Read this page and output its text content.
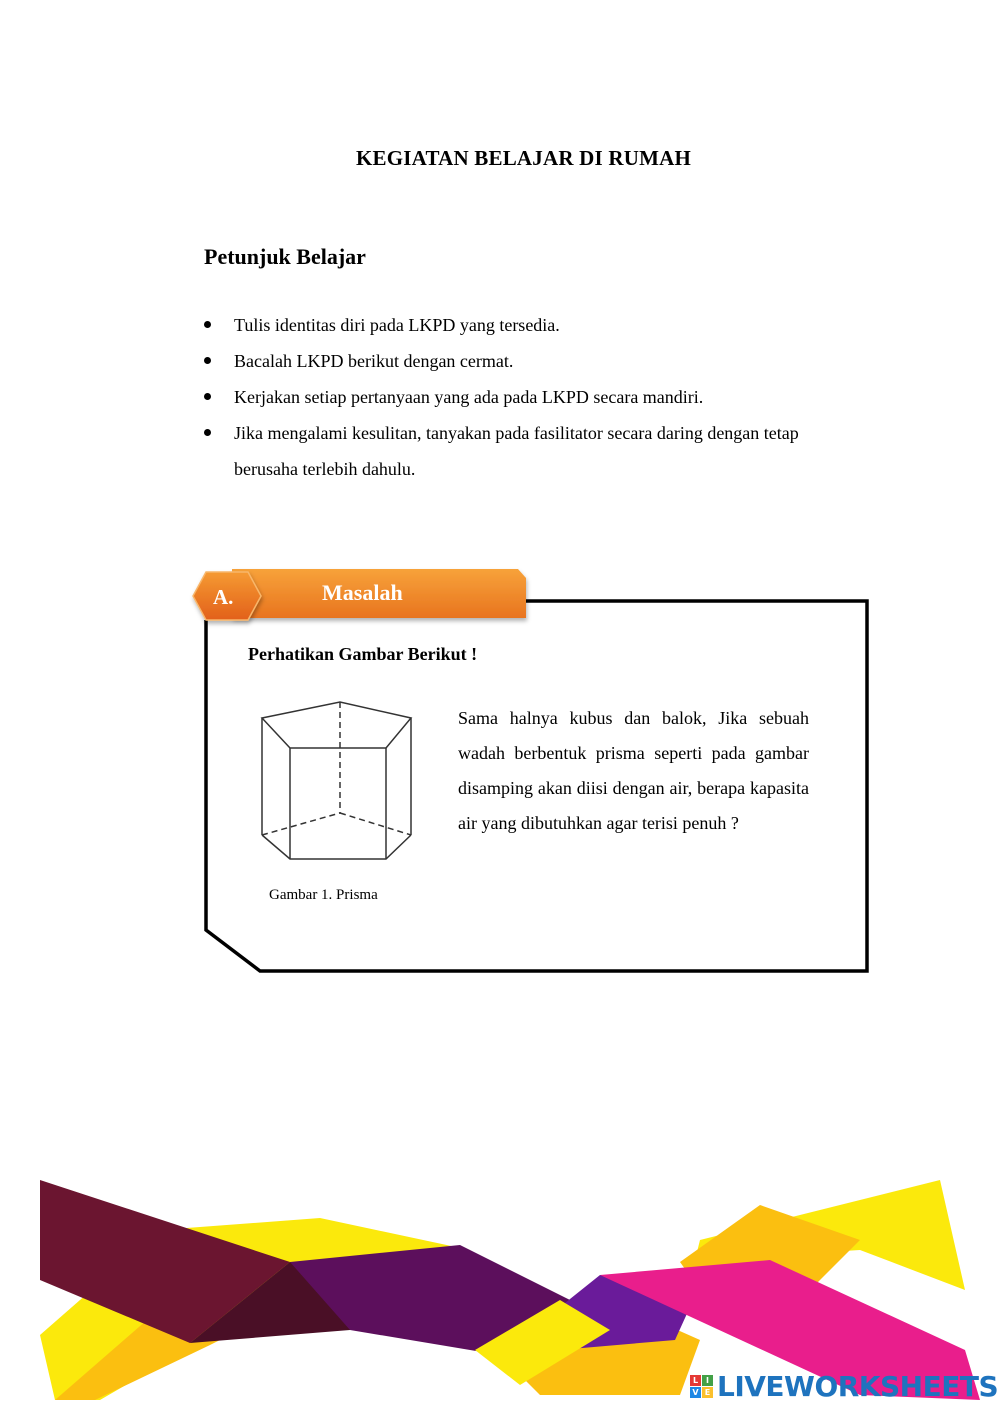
KEGIATAN BELAJAR DI RUMAH
Petunjuk Belajar
Tulis identitas diri pada LKPD yang tersedia.
Bacalah LKPD berikut dengan cermat.
Kerjakan setiap pertanyaan yang ada pada LKPD secara mandiri.
Jika mengalami kesulitan, tanyakan pada fasilitator secara daring dengan tetap berusaha terlebih dahulu.
A.	Masalah
Perhatikan Gambar Berikut !
Sama halnya kubus dan balok, Jika sebuah wadah berbentuk prisma seperti pada gambar disamping akan diisi dengan air, berapa kapasita air yang dibutuhkan agar terisi penuh ?
Gambar 1. Prisma
L I
V E LIVEWORKSHEETS
